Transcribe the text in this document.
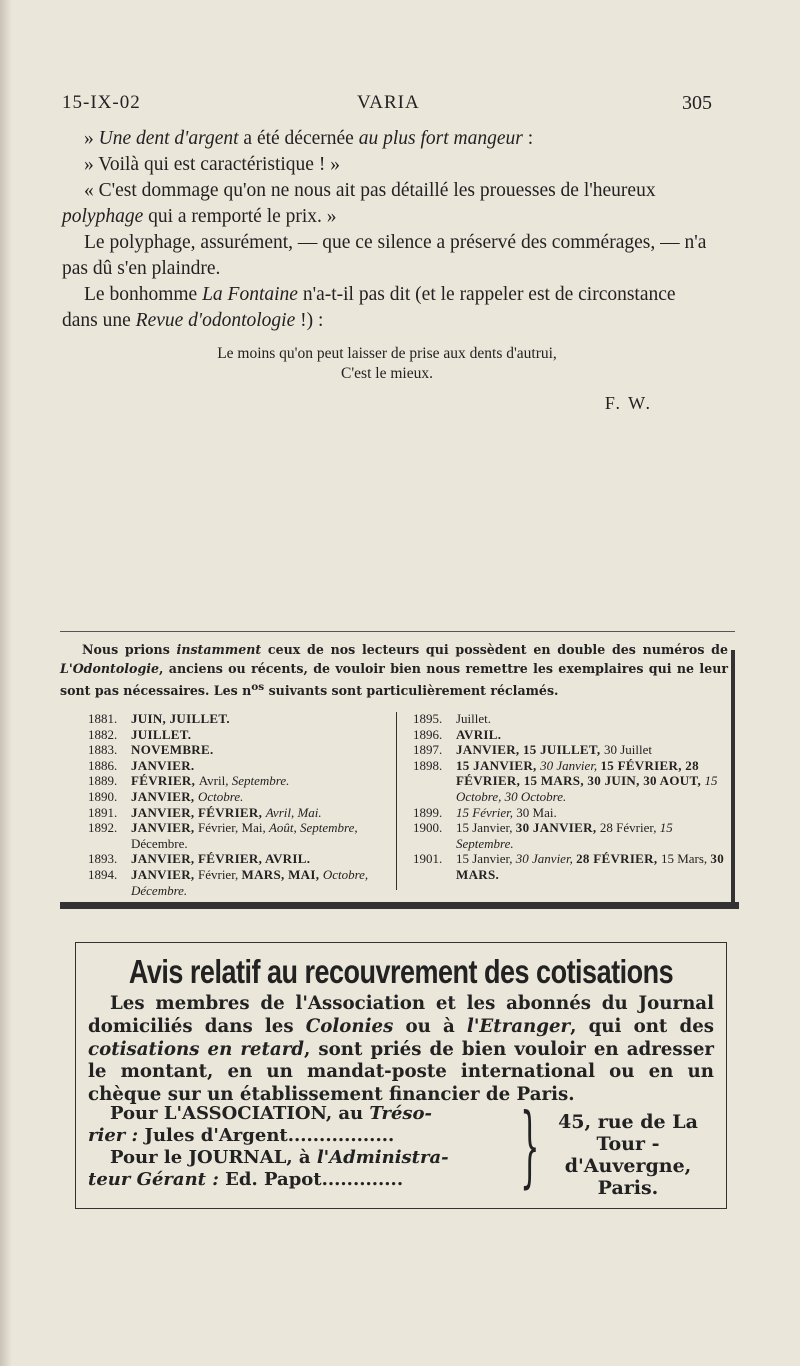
15-IX-02	VARIA	305

» Une dent d'argent a été décernée au plus fort mangeur :

» Voilà qui est caractéristique ! »

« C'est dommage qu'on ne nous ait pas détaillé les prouesses de l'heureux polyphage qui a remporté le prix. »

Le polyphage, assurément, — que ce silence a préservé des commérages, — n'a pas dû s'en plaindre.

Le bonhomme La Fontaine n'a-t-il pas dit (et le rappeler est de circonstance dans une Revue d'odontologie !) :

Le moins qu'on peut laisser de prise aux dents d'autrui,
C'est le mieux.

F. W.

Nous prions instamment ceux de nos lecteurs qui possèdent en double des numéros de L'Odontologie, anciens ou récents, de vouloir bien nous remettre les exemplaires qui ne leur sont pas nécessaires. Les $n^{os}$ suivants sont particulièrement réclamés.

1881.	JUIN, JUILLET.
1882.	JUILLET.
1883.	NOVEMBRE.
1886.	JANVIER.
1889.	FÉVRIER, Avril, Septembre.
1890.	JANVIER, Octobre.
1891.	JANVIER, FÉVRIER, Avril, Mai.
1892.	JANVIER, Février, Mai, Août, Septembre, Décembre.
1893.	JANVIER, FÉVRIER, AVRIL.
1894.	JANVIER, Février, MARS, MAI, Octobre, Décembre.
1895.	Juillet.
1896.	AVRIL.
1897.	JANVIER, 15 JUILLET, 30 Juillet
1898.	15 JANVIER, 30 Janvier, 15 FÉVRIER, 28 FÉVRIER, 15 MARS, 30 JUIN, 30 AOUT, 15 Octobre, 30 Octobre.
1899.	15 Février, 30 Mai.
1900.	15 Janvier, 30 JANVIER, 28 Février, 15 Septembre.
1901.	15 Janvier, 30 Janvier, 28 FÉVRIER, 15 Mars, 30 MARS.
Avis relatif au recouvrement des cotisations

Les membres de l'Association et les abonnés du Journal domiciliés dans les Colonies ou à l'Etranger, qui ont des cotisations en retard, sont priés de bien vouloir en adresser le montant, en un mandat-poste international ou en un chèque sur un établissement financier de Paris.

Pour L'ASSOCIATION, au Tréso-
rier : Jules d'Argent.................
Pour le JOURNAL, à l'Administra-
teur Gérant : Ed. Papot.............	} 45, rue de La Tour - d'Auvergne, Paris.
